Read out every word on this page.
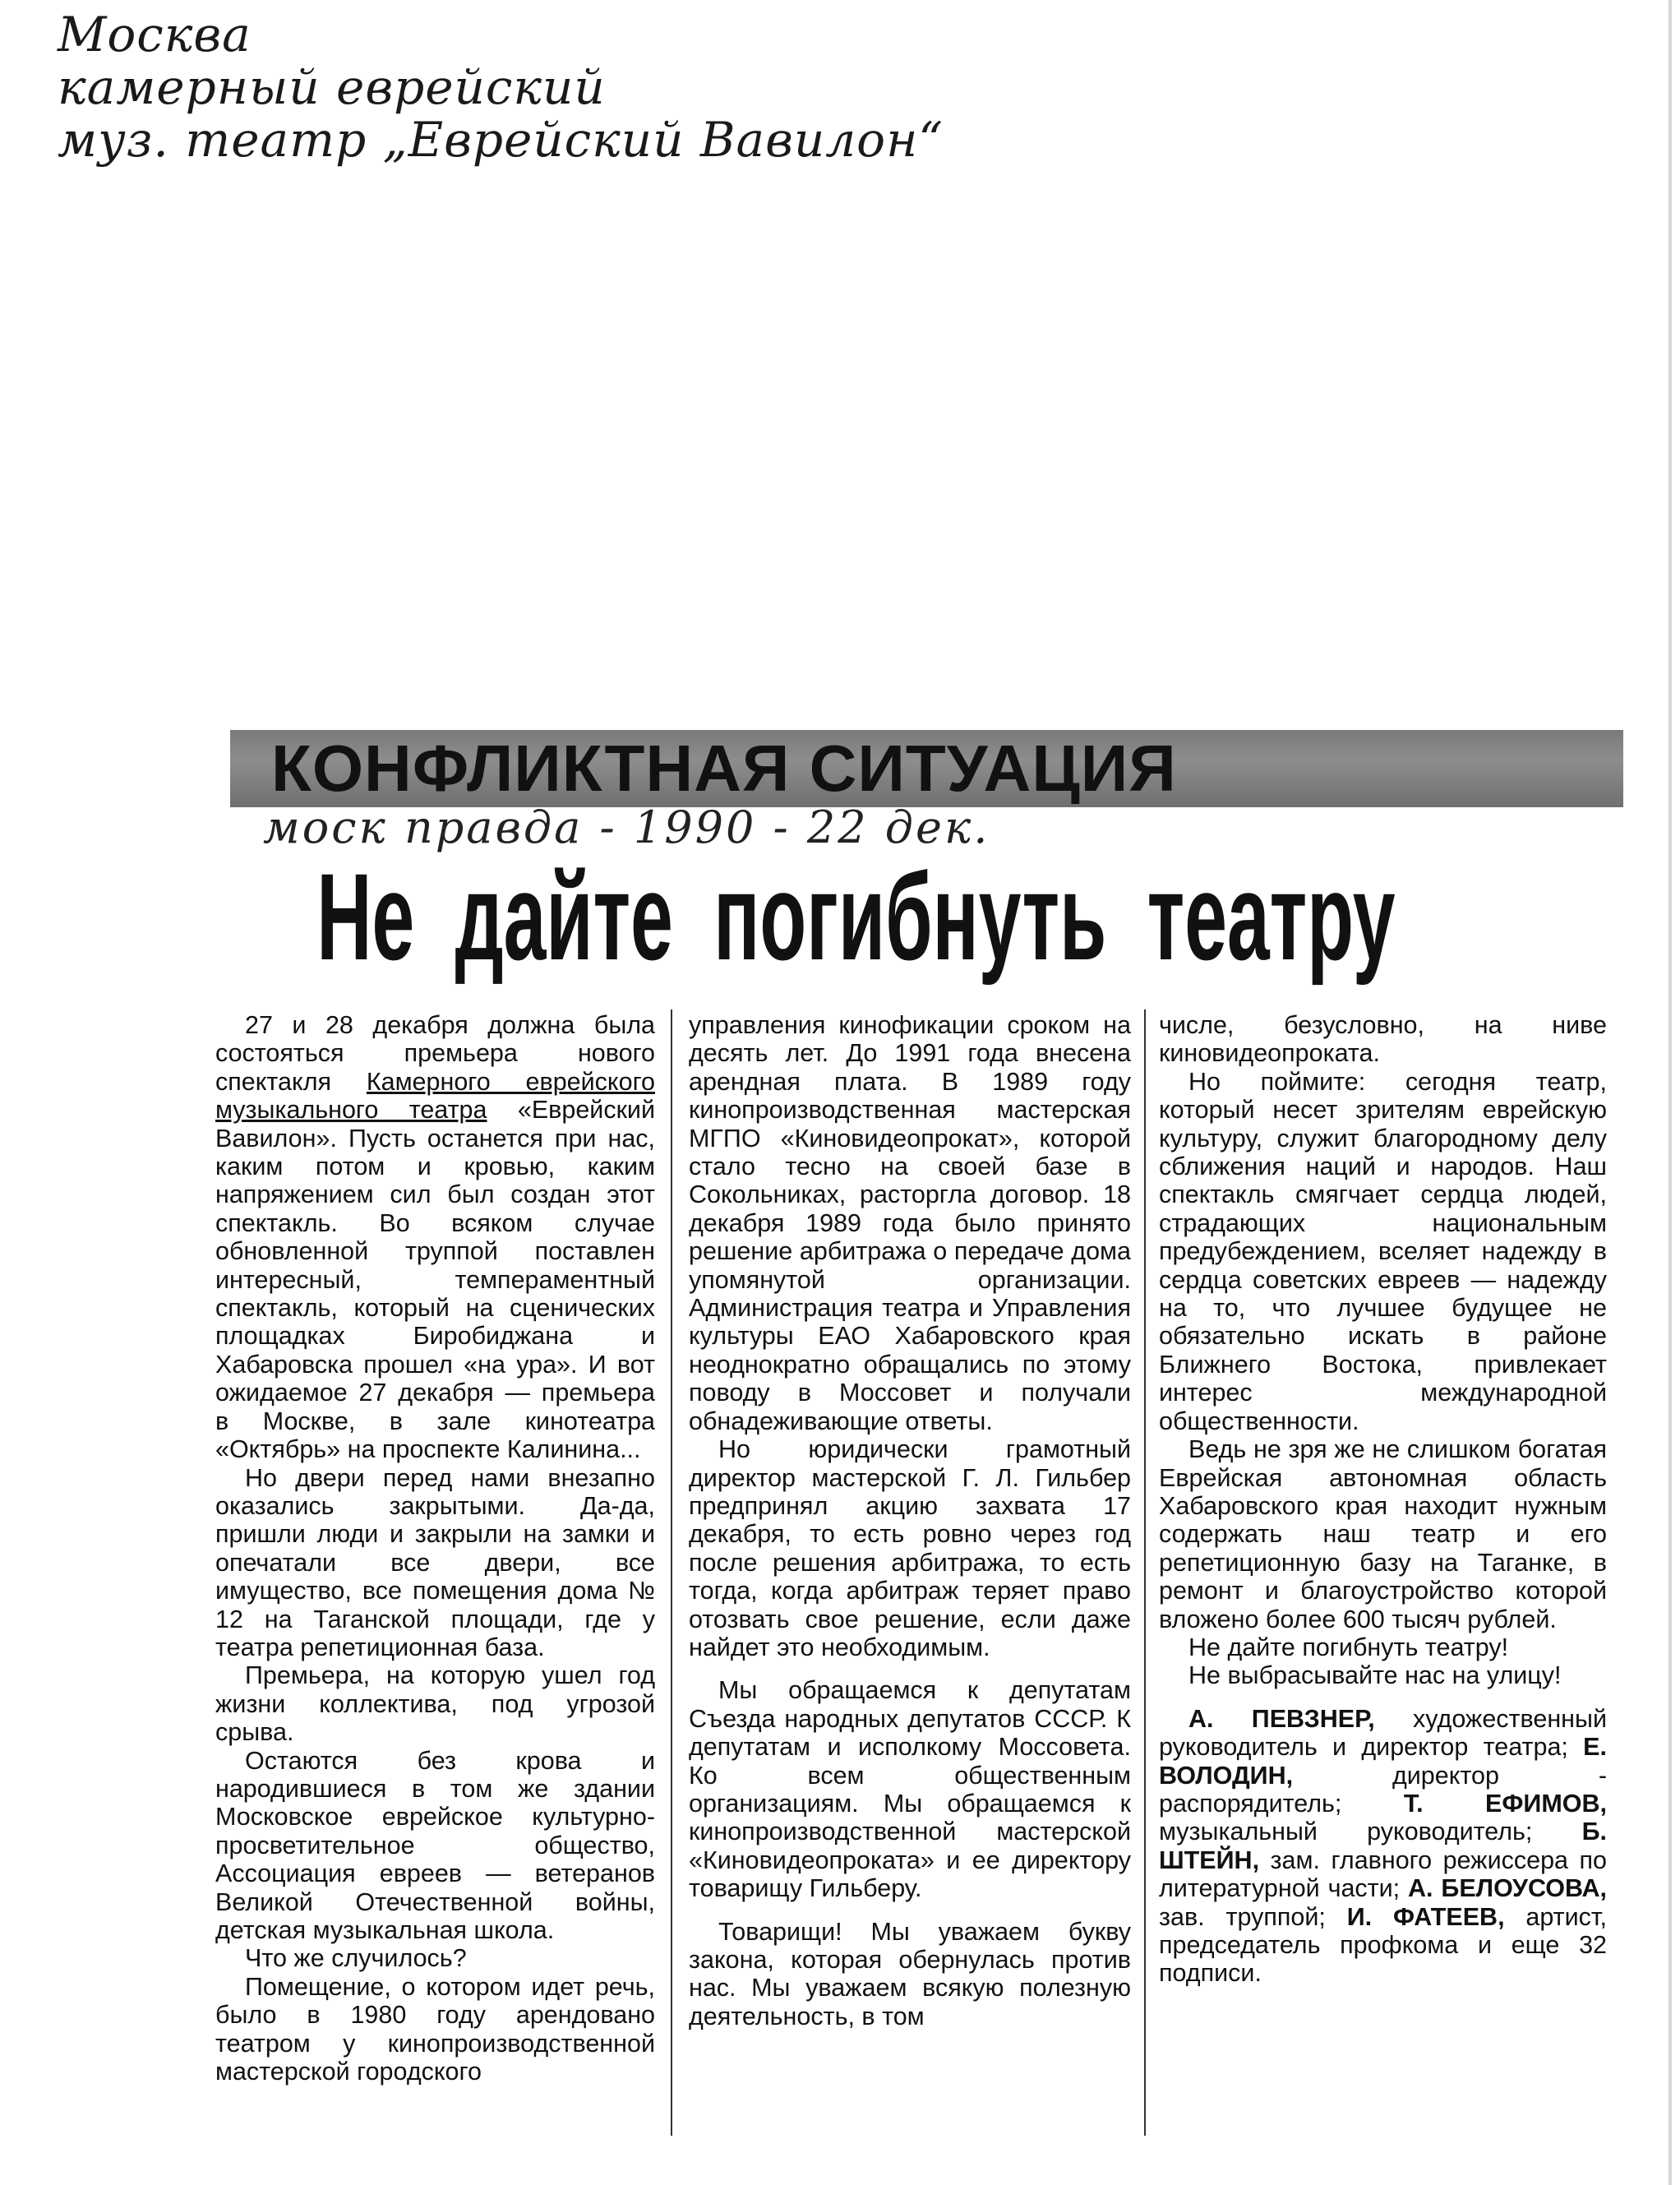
Москва
камерный еврейский
муз. театр „Еврейский Вавилон“
КОНФЛИКТНАЯ СИТУАЦИЯ
моск правда - 1990 - 22 дек.
Не дайте погибнуть театру

27 и 28 декабря должна была состояться премьера нового спектакля Камерного еврейского музыкального театра «Еврейский Вавилон». Пусть останется при нас, каким потом и кровью, каким напряжением сил был создан этот спектакль. Во всяком случае обновленной труппой поставлен интересный, темпераментный спектакль, который на сценических площадках Биробиджана и Хабаровска прошел «на ура». И вот ожидаемое 27 декабря — премьера в Москве, в зале кинотеатра «Октябрь» на проспекте Калинина...

Но двери перед нами внезапно оказались закрытыми. Да-да, пришли люди и закрыли на замки и опечатали все двери, все имущество, все помещения дома № 12 на Таганской площади, где у театра репетиционная база.

Премьера, на которую ушел год жизни коллектива, под угрозой срыва.

Остаются без крова и народившиеся в том же здании Московское еврейское культурно-просветительное общество, Ассоциация евреев — ветеранов Великой Отечественной войны, детская музыкальная школа.

Что же случилось?

Помещение, о котором идет речь, было в 1980 году арендовано театром у кинопроизводственной мастерской городского

управления кинофикации сроком на десять лет. До 1991 года внесена арендная плата. В 1989 году кинопроизводственная мастерская МГПО «Киновидеопрокат», которой стало тесно на своей базе в Сокольниках, расторгла договор. 18 декабря 1989 года было принято решение арбитража о передаче дома упомянутой организации. Администрация театра и Управления культуры ЕАО Хабаровского края неоднократно обращались по этому поводу в Моссовет и получали обнадеживающие ответы.

Но юридически грамотный директор мастерской Г. Л. Гильбер предпринял акцию захвата 17 декабря, то есть ровно через год после решения арбитража, то есть тогда, когда арбитраж теряет право отозвать свое решение, если даже найдет это необходимым.

Мы обращаемся к депутатам Съезда народных депутатов СССР. К депутатам и исполкому Моссовета. Ко всем общественным организациям. Мы обращаемся к кинопроизводственной мастерской «Киновидеопроката» и ее директору товарищу Гильберу.

Товарищи! Мы уважаем букву закона, которая обернулась против нас. Мы уважаем всякую полезную деятельность, в том

числе, безусловно, на ниве киновидеопроката.

Но поймите: сегодня театр, который несет зрителям еврейскую культуру, служит благородному делу сближения наций и народов. Наш спектакль смягчает сердца людей, страдающих национальным предубеждением, вселяет надежду в сердца советских евреев — надежду на то, что лучшее будущее не обязательно искать в районе Ближнего Востока, привлекает интерес международной общественности.

Ведь не зря же не слишком богатая Еврейская автономная область Хабаровского края находит нужным содержать наш театр и его репетиционную базу на Таганке, в ремонт и благоустройство которой вложено более 600 тысяч рублей.

Не дайте погибнуть театру!

Не выбрасывайте нас на улицу!

А. ПЕВЗНЕР, художественный руководитель и директор театра; Е. ВОЛОДИН, директор - распорядитель; Т. ЕФИМОВ, музыкальный руководитель; Б. ШТЕЙН, зам. главного режиссера по литературной части; А. БЕЛОУСОВА, зав. труппой; И. ФАТЕЕВ, артист, председатель профкома и еще 32 подписи.
